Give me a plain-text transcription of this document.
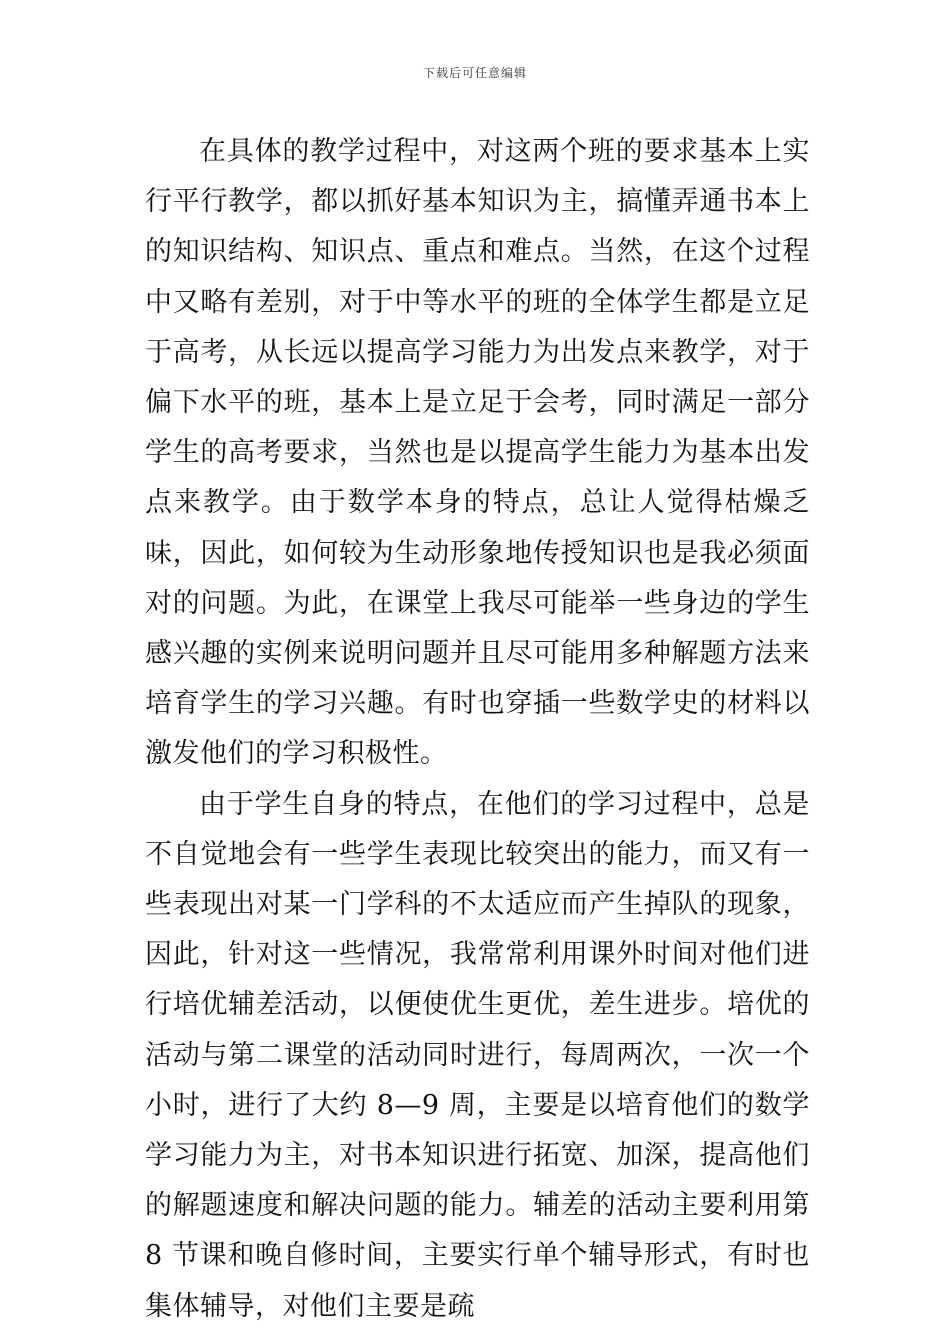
下载后可任意编辑

在具体的教学过程中，对这两个班的要求基本上实行平行教学，都以抓好基本知识为主，搞懂弄通书本上的知识结构、知识点、重点和难点。当然，在这个过程中又略有差别，对于中等水平的班的全体学生都是立足于高考，从长远以提高学习能力为出发点来教学，对于偏下水平的班，基本上是立足于会考，同时满足一部分学生的高考要求，当然也是以提高学生能力为基本出发点来教学。由于数学本身的特点，总让人觉得枯燥乏味，因此，如何较为生动形象地传授知识也是我必须面对的问题。为此，在课堂上我尽可能举一些身边的学生感兴趣的实例来说明问题并且尽可能用多种解题方法来培育学生的学习兴趣。有时也穿插一些数学史的材料以激发他们的学习积极性。

由于学生自身的特点，在他们的学习过程中，总是不自觉地会有一些学生表现比较突出的能力，而又有一些表现出对某一门学科的不太适应而产生掉队的现象，因此，针对这一些情况，我常常利用课外时间对他们进行培优辅差活动，以便使优生更优，差生进步。培优的活动与第二课堂的活动同时进行，每周两次，一次一个小时，进行了大约 8—9 周，主要是以培育他们的数学学习能力为主，对书本知识进行拓宽、加深，提高他们的解题速度和解决问题的能力。辅差的活动主要利用第 8 节课和晚自修时间，主要实行单个辅导形式，有时也集体辅导，对他们主要是疏
